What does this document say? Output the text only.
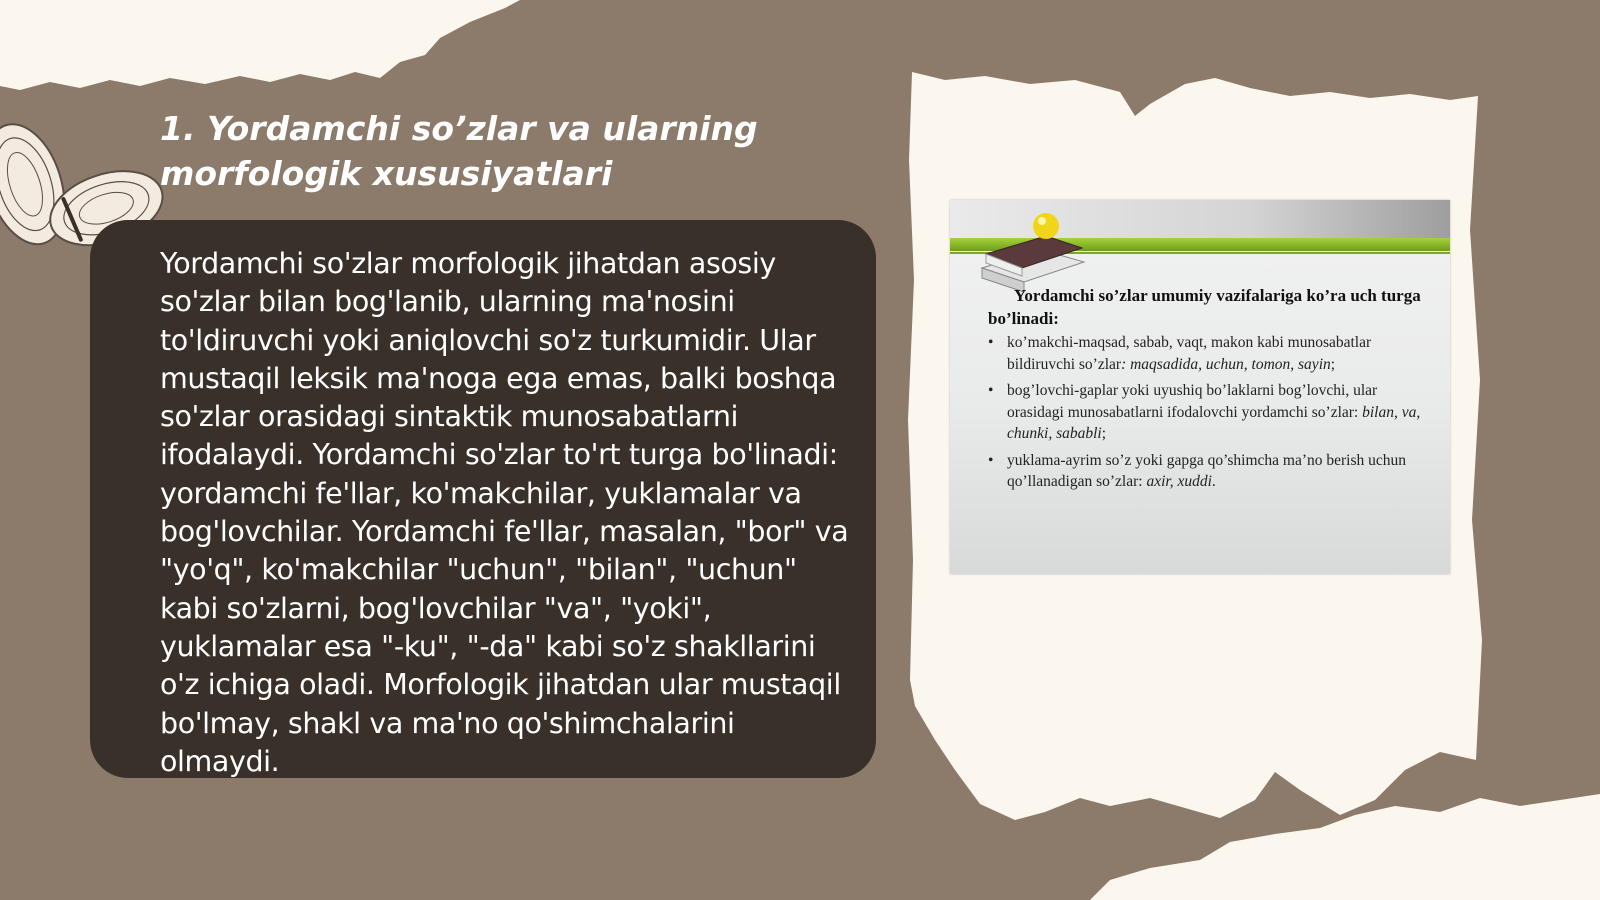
1. Yordamchi so’zlar va ularning morfologik xususiyatlari

Yordamchi so'zlar morfologik jihatdan asosiy so'zlar bilan bog'lanib, ularning ma'nosini to'ldiruvchi yoki aniqlovchi so'z turkumidir. Ular mustaqil leksik ma'noga ega emas, balki boshqa so'zlar orasidagi sintaktik munosabatlarni ifodalaydi. Yordamchi so'zlar to'rt turga bo'linadi: yordamchi fe'llar, ko'makchilar, yuklamalar va bog'lovchilar. Yordamchi fe'llar, masalan, "bor" va "yo'q", ko'makchilar "uchun", "bilan", "uchun" kabi so'zlarni, bog'lovchilar "va", "yoki", yuklamalar esa "-ku", "-da" kabi so'z shakllarini o'z ichiga oladi. Morfologik jihatdan ular mustaqil bo'lmay, shakl va ma'no qo'shimchalarini olmaydi.

Yordamchi so’zlar umumiy vazifalariga ko’ra uch turga bo’linadi:

• ko’makchi-maqsad, sabab, vaqt, makon kabi munosabatlar bildiruvchi so’zlar: maqsadida, uchun, tomon, sayin;
• bog’lovchi-gaplar yoki uyushiq bo’laklarni bog’lovchi, ular orasidagi munosabatlarni ifodalovchi yordamchi so’zlar: bilan, va, chunki, sababli;
• yuklama-ayrim so’z yoki gapga qo’shimcha ma’no berish uchun qo’llanadigan so’zlar: axir, xuddi.
